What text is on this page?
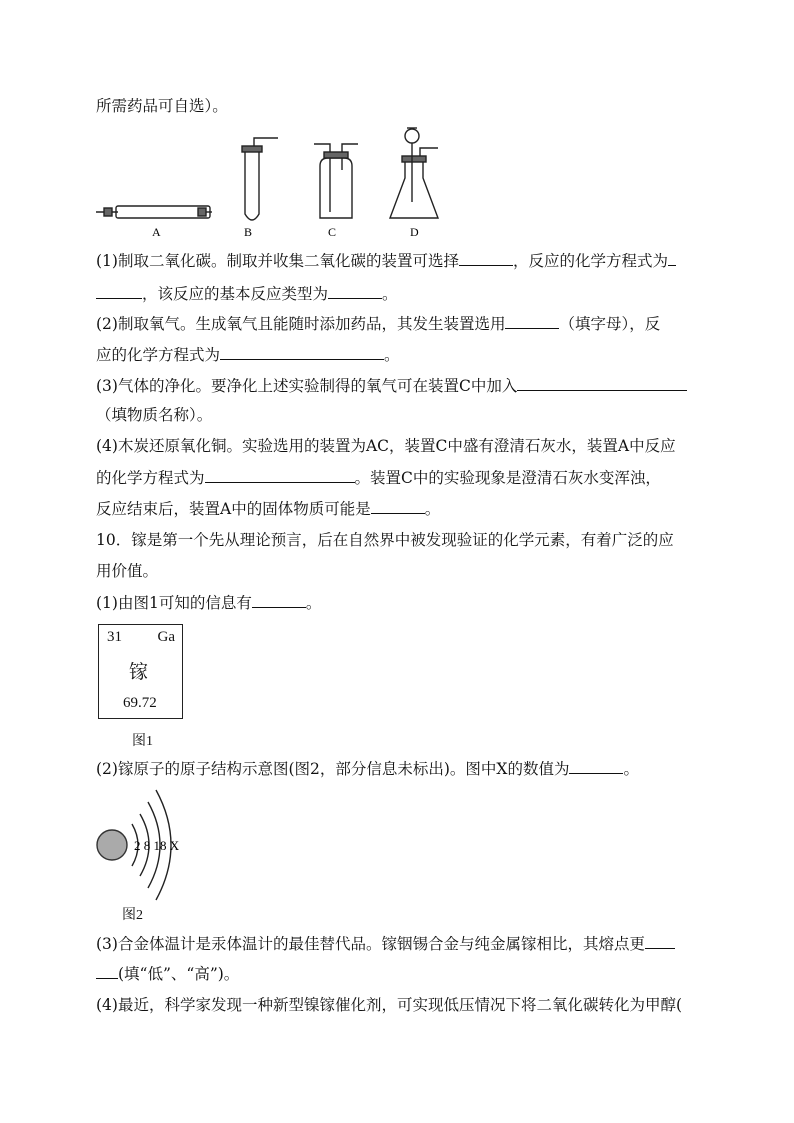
所需药品可自选）。
A	B	C	D
(1)制取二氧化碳。制取并收集二氧化碳的装置可选择	，反应的化学方程式为
，该反应的基本反应类型为	。
(2)制取氧气。生成氧气且能随时添加药品，其发生装置选用	（填字母），反
应的化学方程式为	。
(3)气体的净化。要净化上述实验制得的氧气可在装置C中加入
（填物质名称）。
(4)木炭还原氧化铜。实验选用的装置为AC，装置C中盛有澄清石灰水，装置A中反应
的化学方程式为	。装置C中的实验现象是澄清石灰水变浑浊，
反应结束后，装置A中的固体物质可能是	。
10．镓是第一个先从理论预言，后在自然界中被发现验证的化学元素，有着广泛的应
用价值。
(1)由图1可知的信息有	。
31 Ga
镓
69.72
图1
(2)镓原子的原子结构示意图(图2，部分信息未标出)。图中X的数值为	。
2 8 18 X
图2
(3)合金体温计是汞体温计的最佳替代品。镓铟锡合金与纯金属镓相比，其熔点更
(填“低”、“高”)。
(4)最近，科学家发现一种新型镍镓催化剂，可实现低压情况下将二氧化碳转化为甲醇(
